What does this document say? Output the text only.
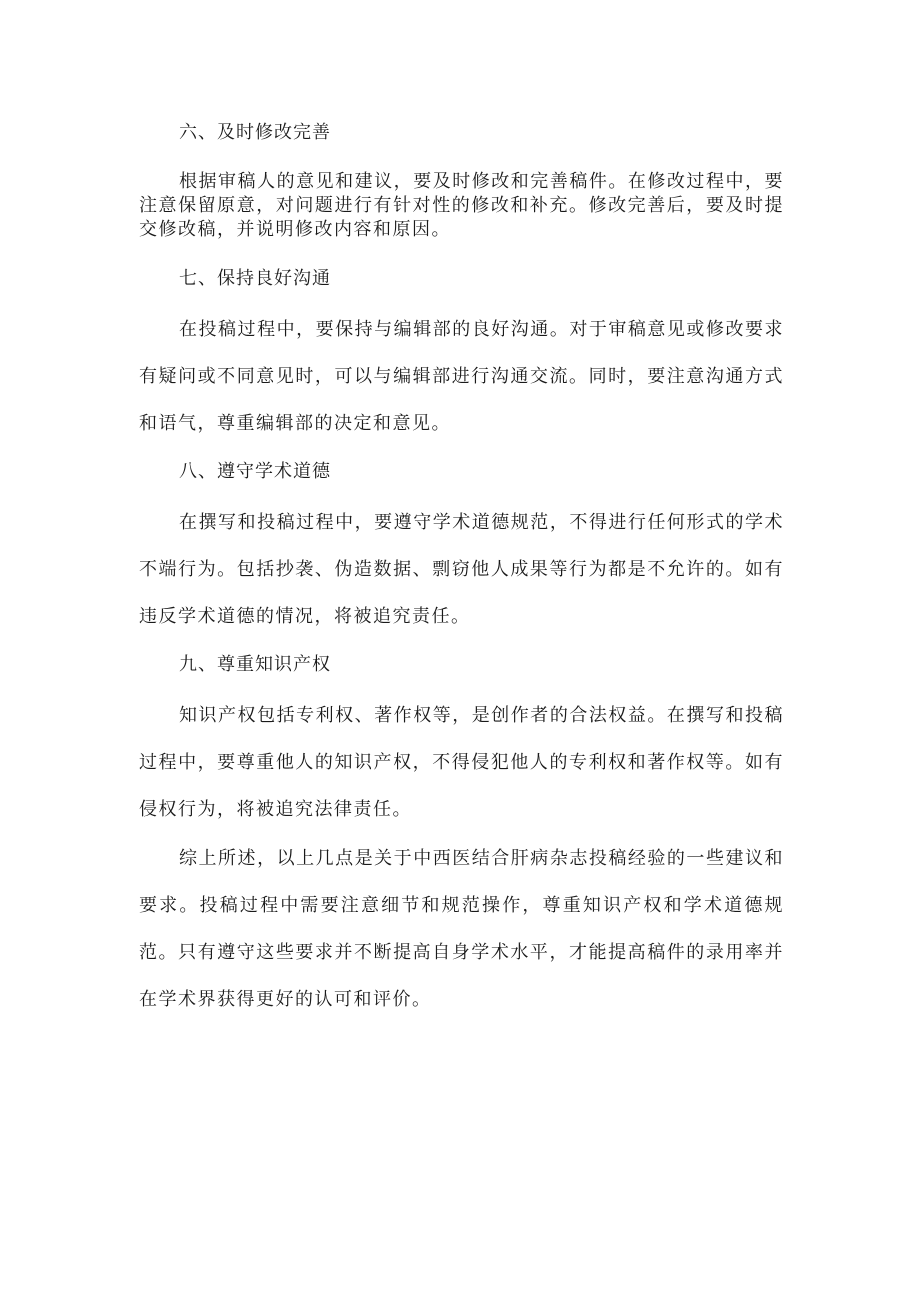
六、及时修改完善
根据审稿人的意见和建议，要及时修改和完善稿件。在修改过程中，要注意保留原意，对问题进行有针对性的修改和补充。修改完善后，要及时提交修改稿，并说明修改内容和原因。
七、保持良好沟通
在投稿过程中，要保持与编辑部的良好沟通。对于审稿意见或修改要求有疑问或不同意见时，可以与编辑部进行沟通交流。同时，要注意沟通方式和语气，尊重编辑部的决定和意见。
八、遵守学术道德
在撰写和投稿过程中，要遵守学术道德规范，不得进行任何形式的学术不端行为。包括抄袭、伪造数据、剽窃他人成果等行为都是不允许的。如有违反学术道德的情况，将被追究责任。
九、尊重知识产权
知识产权包括专利权、著作权等，是创作者的合法权益。在撰写和投稿过程中，要尊重他人的知识产权，不得侵犯他人的专利权和著作权等。如有侵权行为，将被追究法律责任。
综上所述，以上几点是关于中西医结合肝病杂志投稿经验的一些建议和要求。投稿过程中需要注意细节和规范操作，尊重知识产权和学术道德规范。只有遵守这些要求并不断提高自身学术水平，才能提高稿件的录用率并在学术界获得更好的认可和评价。
